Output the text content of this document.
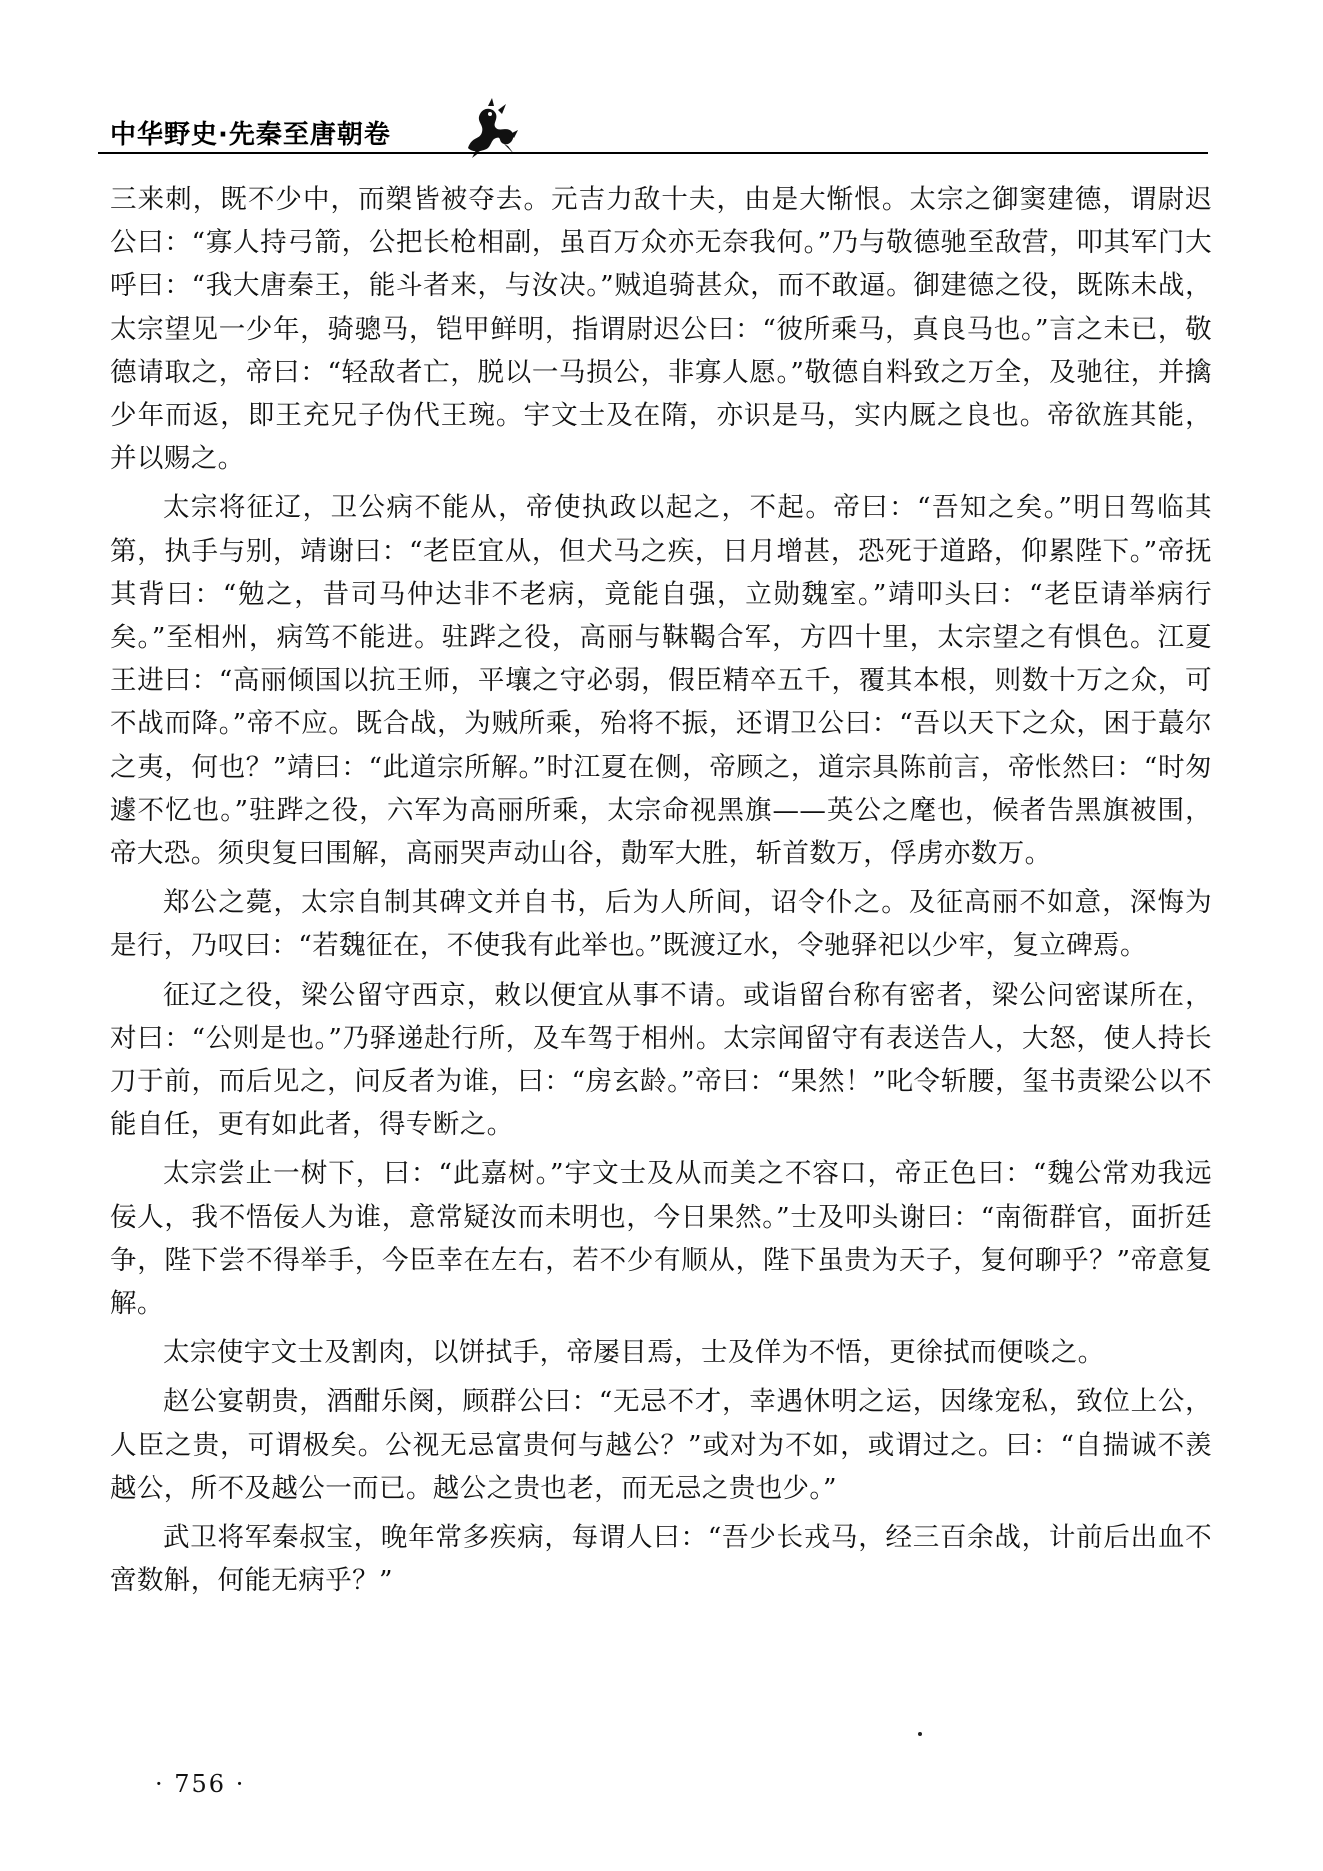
中华野史·先秦至唐朝卷

三来刺，既不少中，而槊皆被夺去。元吉力敌十夫，由是大惭恨。太宗之御窦建德，谓尉迟公曰：“寡人持弓箭，公把长枪相副，虽百万众亦无奈我何。”乃与敬德驰至敌营，叩其军门大呼曰：“我大唐秦王，能斗者来，与汝决。”贼追骑甚众，而不敢逼。御建德之役，既陈未战，太宗望见一少年，骑骢马，铠甲鲜明，指谓尉迟公曰：“彼所乘马，真良马也。”言之未已，敬德请取之，帝曰：“轻敌者亡，脱以一马损公，非寡人愿。”敬德自料致之万全，及驰往，并擒少年而返，即王充兄子伪代王琬。宇文士及在隋，亦识是马，实内厩之良也。帝欲旌其能，并以赐之。

太宗将征辽，卫公病不能从，帝使执政以起之，不起。帝曰：“吾知之矣。”明日驾临其第，执手与别，靖谢曰：“老臣宜从，但犬马之疾，日月增甚，恐死于道路，仰累陛下。”帝抚其背曰：“勉之，昔司马仲达非不老病，竟能自强，立勋魏室。”靖叩头曰：“老臣请举病行矣。”至相州，病笃不能进。驻跸之役，高丽与靺鞨合军，方四十里，太宗望之有惧色。江夏王进曰：“高丽倾国以抗王师，平壤之守必弱，假臣精卒五千，覆其本根，则数十万之众，可不战而降。”帝不应。既合战，为贼所乘，殆将不振，还谓卫公曰：“吾以天下之众，困于蕞尔之夷，何也？”靖曰：“此道宗所解。”时江夏在侧，帝顾之，道宗具陈前言，帝怅然曰：“时匆遽不忆也。”驻跸之役，六军为高丽所乘，太宗命视黑旗——英公之麾也，候者告黑旗被围，帝大恐。须臾复曰围解，高丽哭声动山谷，勣军大胜，斩首数万，俘虏亦数万。

郑公之薨，太宗自制其碑文并自书，后为人所间，诏令仆之。及征高丽不如意，深悔为是行，乃叹曰：“若魏征在，不使我有此举也。”既渡辽水，令驰驿祀以少牢，复立碑焉。

征辽之役，梁公留守西京，敕以便宜从事不请。或诣留台称有密者，梁公问密谋所在，对曰：“公则是也。”乃驿递赴行所，及车驾于相州。太宗闻留守有表送告人，大怒，使人持长刀于前，而后见之，问反者为谁，曰：“房玄龄。”帝曰：“果然！”叱令斩腰，玺书责梁公以不能自任，更有如此者，得专断之。

太宗尝止一树下，曰：“此嘉树。”宇文士及从而美之不容口，帝正色曰：“魏公常劝我远佞人，我不悟佞人为谁，意常疑汝而未明也，今日果然。”士及叩头谢曰：“南衙群官，面折廷争，陛下尝不得举手，今臣幸在左右，若不少有顺从，陛下虽贵为天子，复何聊乎？”帝意复解。

太宗使宇文士及割肉，以饼拭手，帝屡目焉，士及佯为不悟，更徐拭而便啖之。

赵公宴朝贵，酒酣乐阕，顾群公曰：“无忌不才，幸遇休明之运，因缘宠私，致位上公，人臣之贵，可谓极矣。公视无忌富贵何与越公？”或对为不如，或谓过之。曰：“自揣诚不羡越公，所不及越公一而已。越公之贵也老，而无忌之贵也少。”

武卫将军秦叔宝，晚年常多疾病，每谓人曰：“吾少长戎马，经三百余战，计前后出血不啻数斛，何能无病乎？”

· 756 ·
